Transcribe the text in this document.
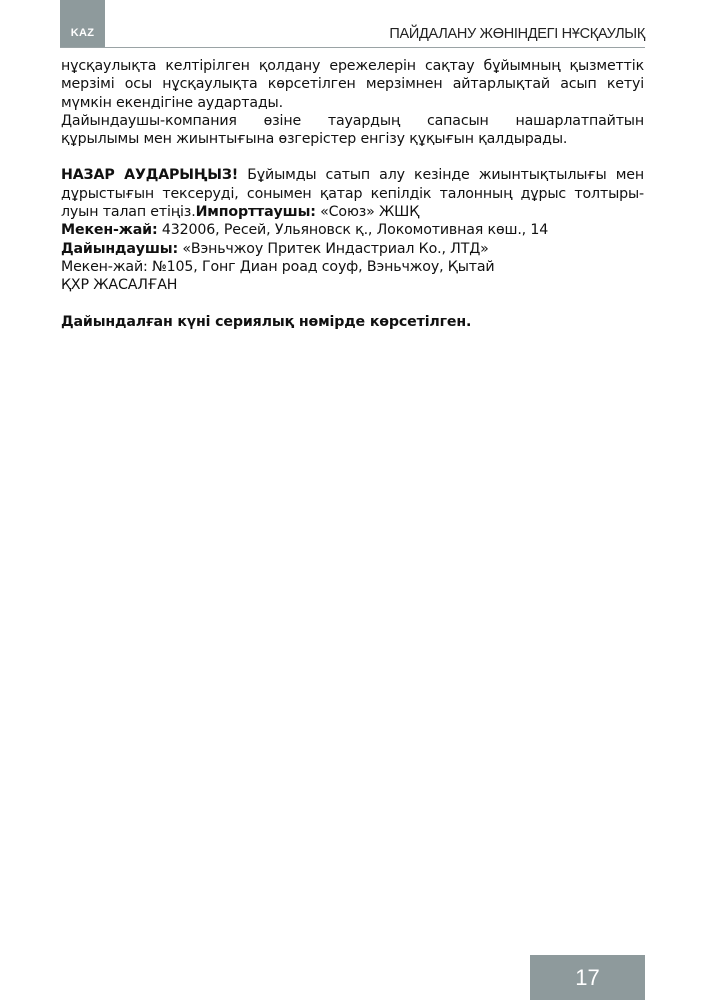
KAZ	ПАЙДАЛАНУ ЖӨНІНДЕГІ НҰСҚАУЛЫҚ

нұсқаулықта келтірілген қолдану ережелерін сақтау бұйымның қызметтік

мерзімі осы нұсқаулықта көрсетілген мерзімнен айтарлықтай асып кетуі

мүмкін екендігіне аудартады.

Дайындаушы-компания өзіне тауардың сапасын нашарлатпайтын

құрылымы мен жиынтығына өзгерістер енгізу құқығын қалдырады.

НАЗАР АУДАРЫҢЫЗ! Бұйымды сатып алу кезінде жиынтықтылығы мен

дұрыстығын тексеруді, сонымен қатар кепілдік талонның дұрыс толтыры-

луын талап етіңіз.Импорттаушы: «Союз» ЖШҚ

Мекен-жай: 432006, Ресей, Ульяновск қ., Локомотивная көш., 14

Дайындаушы: «Вэньчжоу Притек Индастриал Ко., ЛТД»

Мекен-жай: №105, Гонг Диан роад соуф, Вэньчжоу, Қытай

ҚХР ЖАСАЛҒАН

Дайындалған күні сериялық нөмірде көрсетілген.

17
